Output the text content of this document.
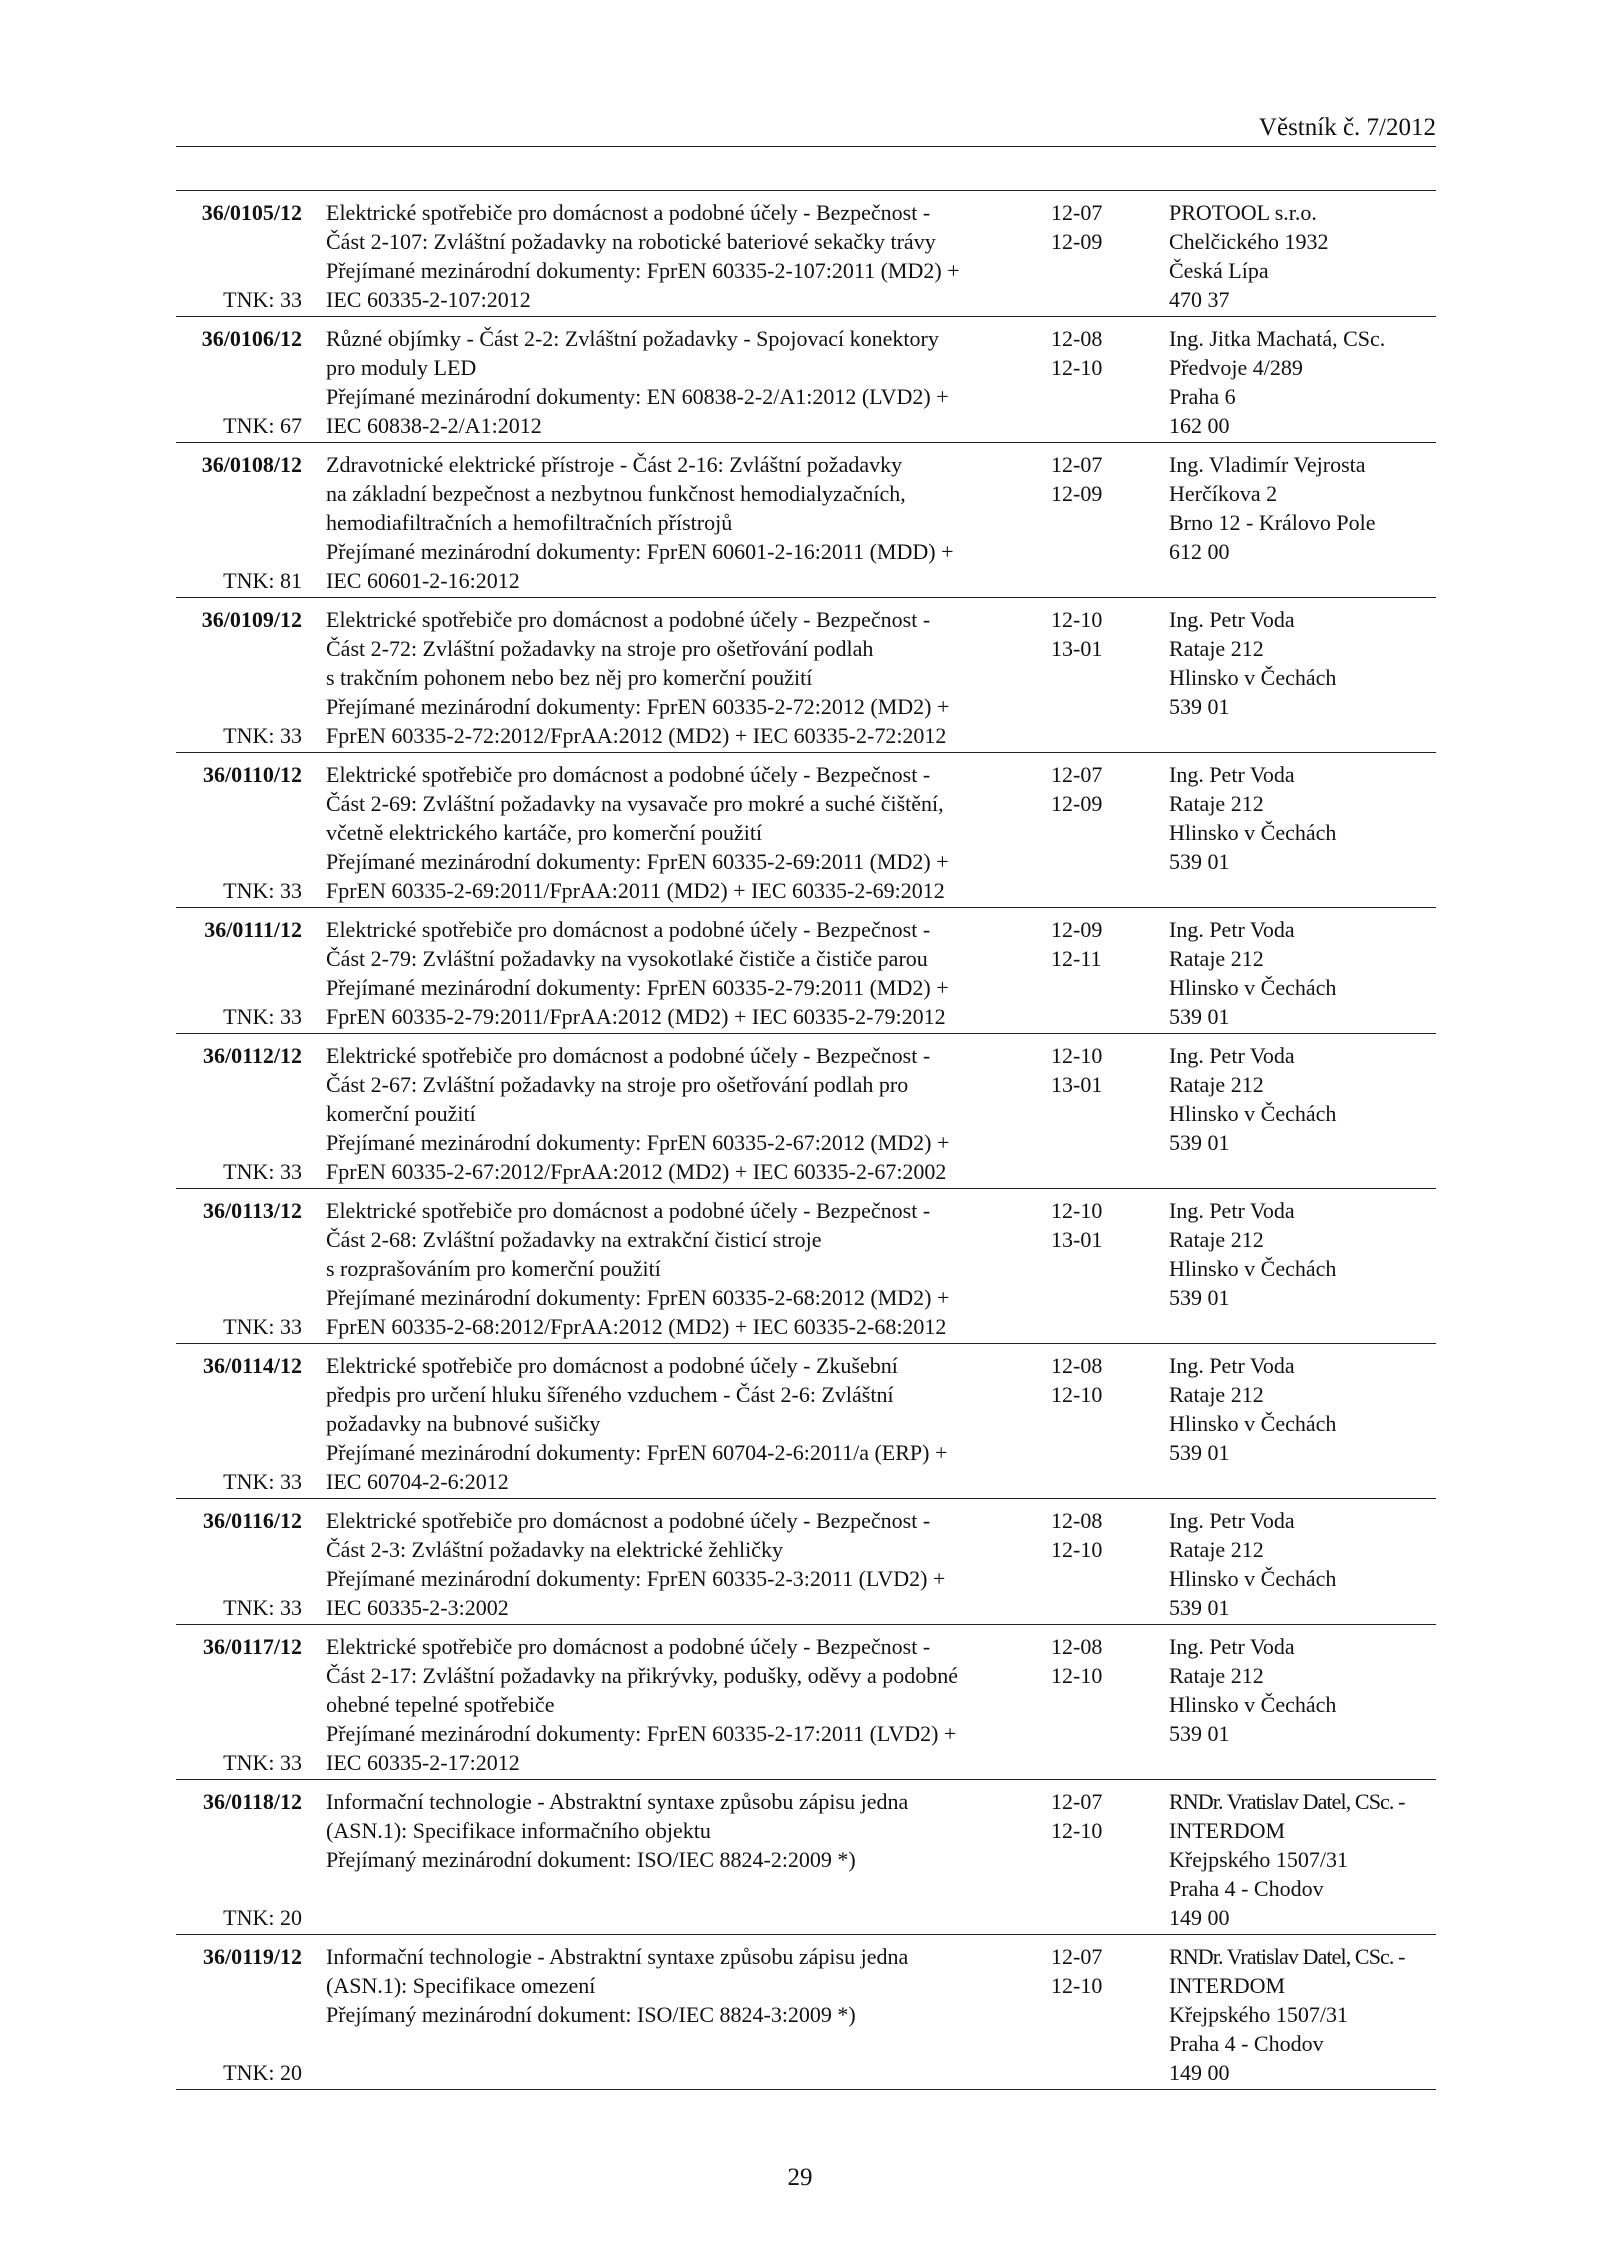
Věstník č. 7/2012
36/0105/12
TNK: 33
Elektrické spotřebiče pro domácnost a podobné účely - Bezpečnost -
Část 2-107: Zvláštní požadavky na robotické bateriové sekačky trávy
Přejímané mezinárodní dokumenty: FprEN 60335-2-107:2011 (MD2) +
IEC 60335-2-107:2012
12-07
12-09
PROTOOL s.r.o.
Chelčického 1932
Česká Lípa
470 37
36/0106/12
TNK: 67
Různé objímky - Část 2-2: Zvláštní požadavky - Spojovací konektory
pro moduly LED
Přejímané mezinárodní dokumenty: EN 60838-2-2/A1:2012 (LVD2) +
IEC 60838-2-2/A1:2012
12-08
12-10
Ing. Jitka Machatá, CSc.
Předvoje 4/289
Praha 6
162 00
36/0108/12
TNK: 81
Zdravotnické elektrické přístroje - Část 2-16: Zvláštní požadavky
na základní bezpečnost a nezbytnou funkčnost hemodialyzačních,
hemodiafiltračních a hemofiltračních přístrojů
Přejímané mezinárodní dokumenty: FprEN 60601-2-16:2011 (MDD) +
IEC 60601-2-16:2012
12-07
12-09
Ing. Vladimír Vejrosta
Herčíkova 2
Brno 12 - Královo Pole
612 00
36/0109/12
TNK: 33
Elektrické spotřebiče pro domácnost a podobné účely - Bezpečnost -
Část 2-72: Zvláštní požadavky na stroje pro ošetřování podlah
s trakčním pohonem nebo bez něj pro komerční použití
Přejímané mezinárodní dokumenty: FprEN 60335-2-72:2012 (MD2) +
FprEN 60335-2-72:2012/FprAA:2012 (MD2) + IEC 60335-2-72:2012
12-10
13-01
Ing. Petr Voda
Rataje 212
Hlinsko v Čechách
539 01
36/0110/12
TNK: 33
Elektrické spotřebiče pro domácnost a podobné účely - Bezpečnost -
Část 2-69: Zvláštní požadavky na vysavače pro mokré a suché čištění,
včetně elektrického kartáče, pro komerční použití
Přejímané mezinárodní dokumenty: FprEN 60335-2-69:2011 (MD2) +
FprEN 60335-2-69:2011/FprAA:2011 (MD2) + IEC 60335-2-69:2012
12-07
12-09
Ing. Petr Voda
Rataje 212
Hlinsko v Čechách
539 01
36/0111/12
TNK: 33
Elektrické spotřebiče pro domácnost a podobné účely - Bezpečnost -
Část 2-79: Zvláštní požadavky na vysokotlaké čističe a čističe parou
Přejímané mezinárodní dokumenty: FprEN 60335-2-79:2011 (MD2) +
FprEN 60335-2-79:2011/FprAA:2012 (MD2) + IEC 60335-2-79:2012
12-09
12-11
Ing. Petr Voda
Rataje 212
Hlinsko v Čechách
539 01
36/0112/12
TNK: 33
Elektrické spotřebiče pro domácnost a podobné účely - Bezpečnost -
Část 2-67: Zvláštní požadavky na stroje pro ošetřování podlah pro
komerční použití
Přejímané mezinárodní dokumenty: FprEN 60335-2-67:2012 (MD2) +
FprEN 60335-2-67:2012/FprAA:2012 (MD2) + IEC 60335-2-67:2002
12-10
13-01
Ing. Petr Voda
Rataje 212
Hlinsko v Čechách
539 01
36/0113/12
TNK: 33
Elektrické spotřebiče pro domácnost a podobné účely - Bezpečnost -
Část 2-68: Zvláštní požadavky na extrakční čisticí stroje
s rozprašováním pro komerční použití
Přejímané mezinárodní dokumenty: FprEN 60335-2-68:2012 (MD2) +
FprEN 60335-2-68:2012/FprAA:2012 (MD2) + IEC 60335-2-68:2012
12-10
13-01
Ing. Petr Voda
Rataje 212
Hlinsko v Čechách
539 01
36/0114/12
TNK: 33
Elektrické spotřebiče pro domácnost a podobné účely - Zkušební
předpis pro určení hluku šířeného vzduchem - Část 2-6: Zvláštní
požadavky na bubnové sušičky
Přejímané mezinárodní dokumenty: FprEN 60704-2-6:2011/a (ERP) +
IEC 60704-2-6:2012
12-08
12-10
Ing. Petr Voda
Rataje 212
Hlinsko v Čechách
539 01
36/0116/12
TNK: 33
Elektrické spotřebiče pro domácnost a podobné účely - Bezpečnost -
Část 2-3: Zvláštní požadavky na elektrické žehličky
Přejímané mezinárodní dokumenty: FprEN 60335-2-3:2011 (LVD2) +
IEC 60335-2-3:2002
12-08
12-10
Ing. Petr Voda
Rataje 212
Hlinsko v Čechách
539 01
36/0117/12
TNK: 33
Elektrické spotřebiče pro domácnost a podobné účely - Bezpečnost -
Část 2-17: Zvláštní požadavky na přikrývky, podušky, oděvy a podobné
ohebné tepelné spotřebiče
Přejímané mezinárodní dokumenty: FprEN 60335-2-17:2011 (LVD2) +
IEC 60335-2-17:2012
12-08
12-10
Ing. Petr Voda
Rataje 212
Hlinsko v Čechách
539 01
36/0118/12
TNK: 20
Informační technologie - Abstraktní syntaxe způsobu zápisu jedna
(ASN.1): Specifikace informačního objektu
Přejímaný mezinárodní dokument: ISO/IEC 8824-2:2009 *)
12-07
12-10
RNDr. Vratislav Datel, CSc. -
INTERDOM
Křejpského 1507/31
Praha 4 - Chodov
149 00
36/0119/12
TNK: 20
Informační technologie - Abstraktní syntaxe způsobu zápisu jedna
(ASN.1): Specifikace omezení
Přejímaný mezinárodní dokument: ISO/IEC 8824-3:2009 *)
12-07
12-10
RNDr. Vratislav Datel, CSc. -
INTERDOM
Křejpského 1507/31
Praha 4 - Chodov
149 00
29
